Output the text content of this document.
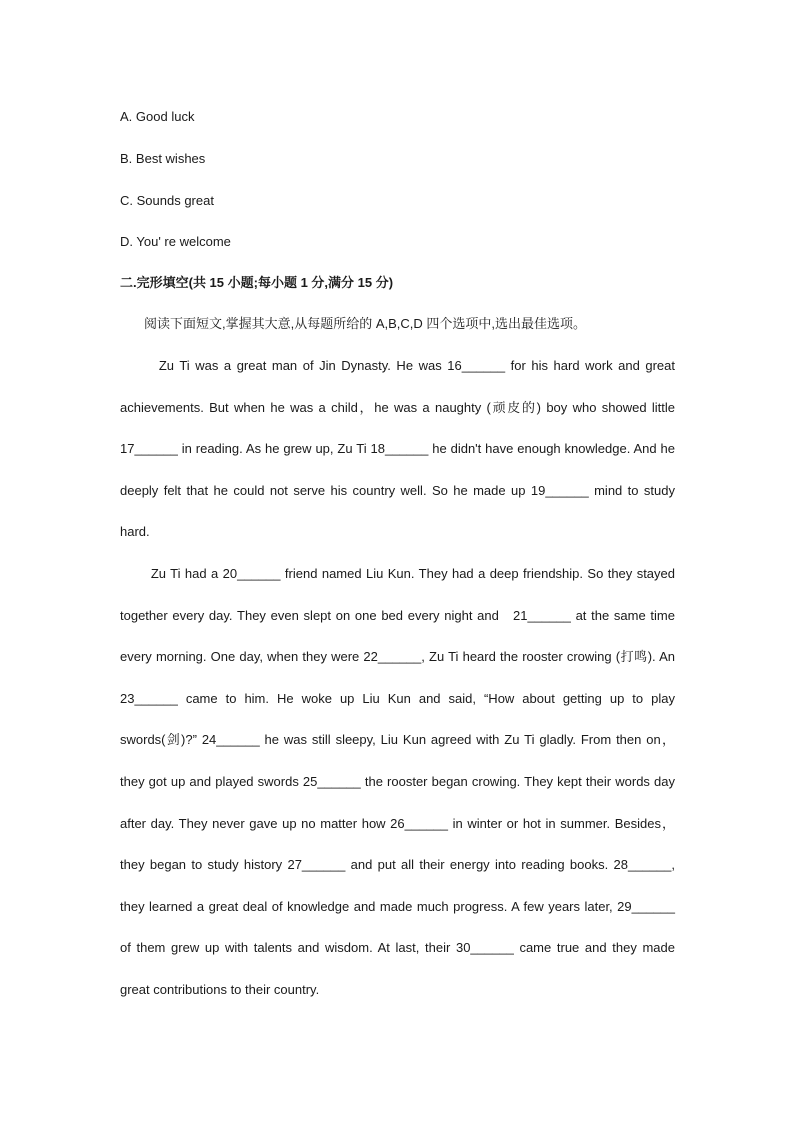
A. Good luck
B. Best wishes
C. Sounds great
D. You' re welcome
二.完形填空(共 15 小题;每小题 1 分,满分 15 分)
阅读下面短文,掌握其大意,从每题所给的 A,B,C,D 四个选项中,选出最佳选项。

Zu Ti was a great man of Jin Dynasty. He was 16______ for his hard work and great achievements. But when he was a child，he was a naughty (顽皮的) boy who showed little 17______ in reading. As he grew up, Zu Ti 18______ he didn't have enough knowledge. And he deeply felt that he could not serve his country well. So he made up 19______ mind to study hard.

Zu Ti had a 20______ friend named Liu Kun. They had a deep friendship. So they stayed together every day. They even slept on one bed every night and   21______ at the same time every morning. One day, when they were 22______, Zu Ti heard the rooster crowing (打鸣). An 23______ came to him. He woke up Liu Kun and said, “How about getting up to play swords(剑)?” 24______ he was still sleepy, Liu Kun agreed with Zu Ti gladly. From then on，they got up and played swords 25______ the rooster began crowing. They kept their words day after day. They never gave up no matter how 26______ in winter or hot in summer. Besides，they began to study history 27______ and put all their energy into reading books. 28______, they learned a great deal of knowledge and made much progress. A few years later, 29______ of them grew up with talents and wisdom. At last, their 30______ came true and they made great contributions to their country.
